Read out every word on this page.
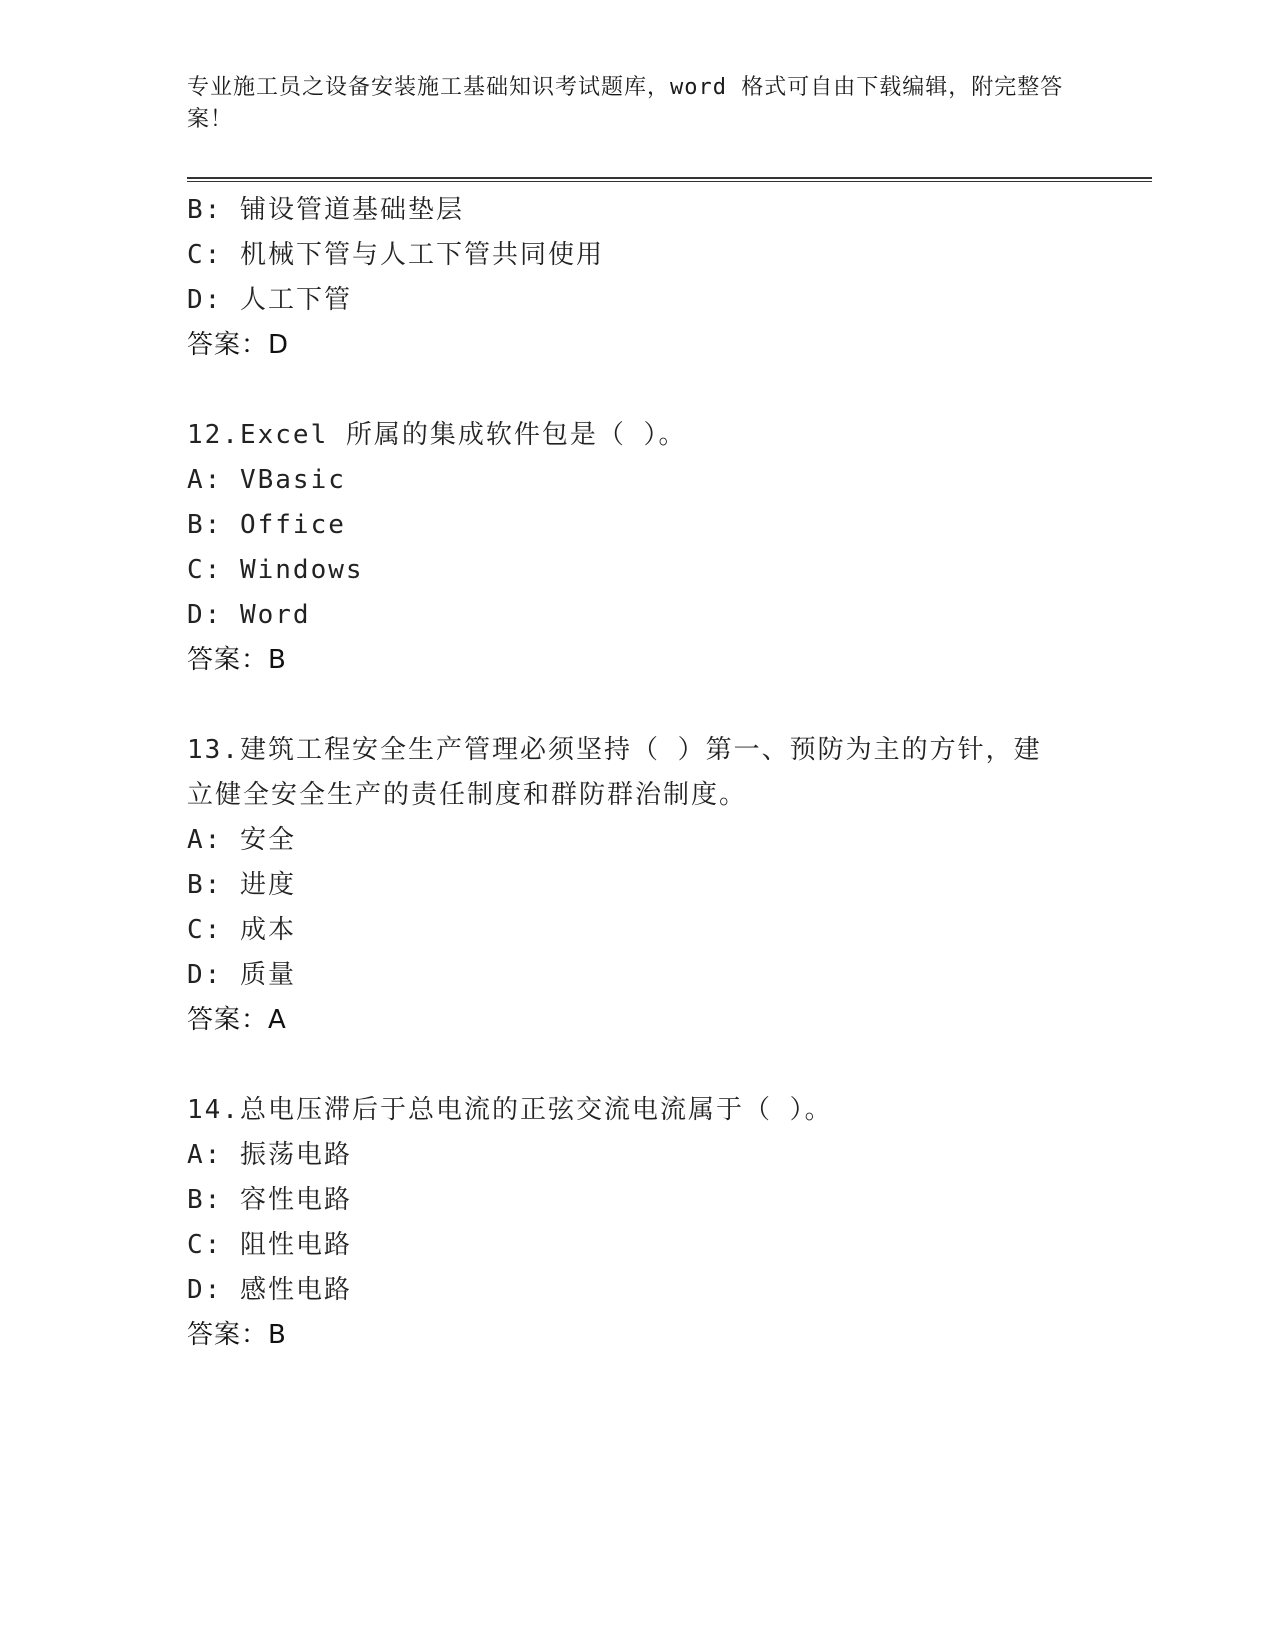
专业施工员之设备安装施工基础知识考试题库，word 格式可自由下载编辑，附完整答案！

B: 铺设管道基础垫层
C: 机械下管与人工下管共同使用
D: 人工下管
答案：D
12.Excel 所属的集成软件包是（ ）。
A: VBasic
B: Office
C: Windows
D: Word
答案：B
13.建筑工程安全生产管理必须坚持（ ）第一、预防为主的方针，建
立健全安全生产的责任制度和群防群治制度。
A: 安全
B: 进度
C: 成本
D: 质量
答案：A
14.总电压滞后于总电流的正弦交流电流属于（ ）。
A: 振荡电路
B: 容性电路
C: 阻性电路
D: 感性电路
答案：B
